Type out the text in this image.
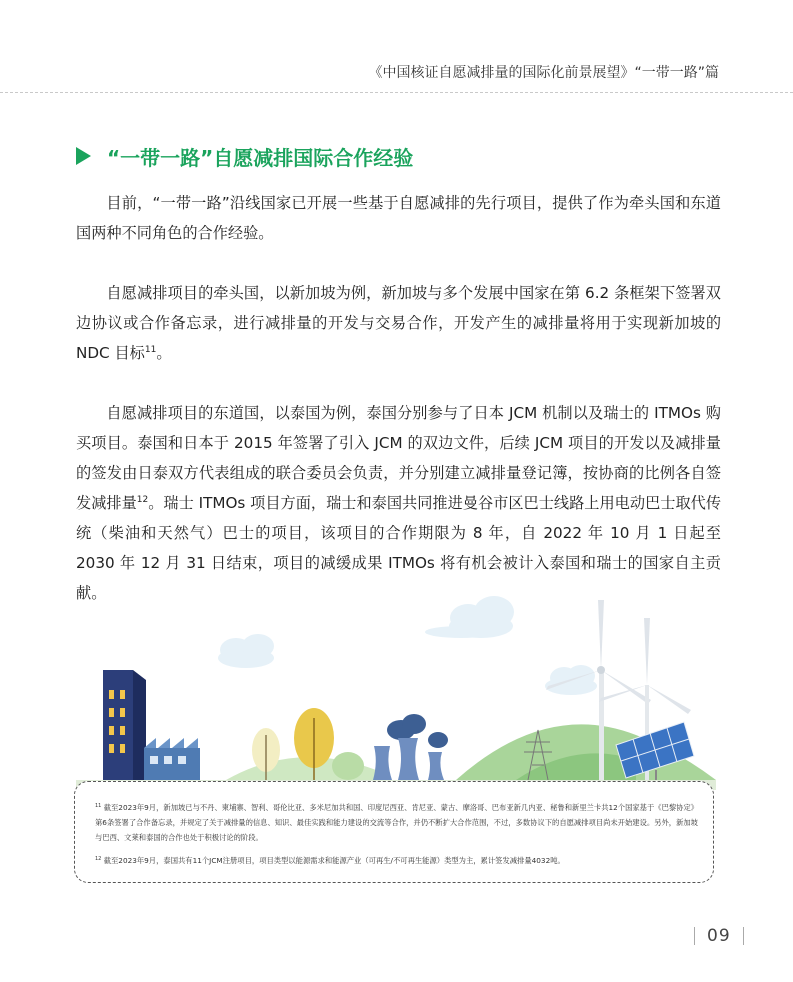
《中国核证自愿减排量的国际化前景展望》“一带一路”篇
“一带一路”自愿减排国际合作经验

目前，“一带一路”沿线国家已开展一些基于自愿减排的先行项目，提供了作为牵头国和东道国两种不同角色的合作经验。

自愿减排项目的牵头国，以新加坡为例，新加坡与多个发展中国家在第 6.2 条框架下签署双边协议或合作备忘录，进行减排量的开发与交易合作，开发产生的减排量将用于实现新加坡的 NDC 目标$^{11}$。

自愿减排项目的东道国，以泰国为例，泰国分别参与了日本 JCM 机制以及瑞士的 ITMOs 购买项目。泰国和日本于 2015 年签署了引入 JCM 的双边文件，后续 JCM 项目的开发以及减排量的签发由日泰双方代表组成的联合委员会负责，并分别建立减排量登记簿，按协商的比例各自签发减排量$^{12}$。瑞士 ITMOs 项目方面，瑞士和泰国共同推进曼谷市区巴士线路上用电动巴士取代传统（柴油和天然气）巴士的项目，该项目的合作期限为 8 年，自 2022 年 10 月 1 日起至 2030 年 12 月 31 日结束，项目的减缓成果 ITMOs 将有机会被计入泰国和瑞士的国家自主贡献。

$^{11}$ 截至2023年9月，新加坡已与不丹、柬埔寨、智利、哥伦比亚、多米尼加共和国、印度尼西亚、肯尼亚、蒙古、摩洛哥、巴布亚新几内亚、秘鲁和新里兰卡共12个国家基于《巴黎协定》第6条签署了合作备忘录，并规定了关于减排量的信息、知识、最佳实践和能力建设的交流等合作，并仍不断扩大合作范围，不过，多数协议下的自愿减排项目尚未开始建设。另外，新加坡与巴西、文莱和泰国的合作也处于积极讨论的阶段。

$^{12}$ 截至2023年9月，泰国共有11个JCM注册项目，项目类型以能源需求和能源产业（可再生/不可再生能源）类型为主，累计签发减排量4032吨。

09
